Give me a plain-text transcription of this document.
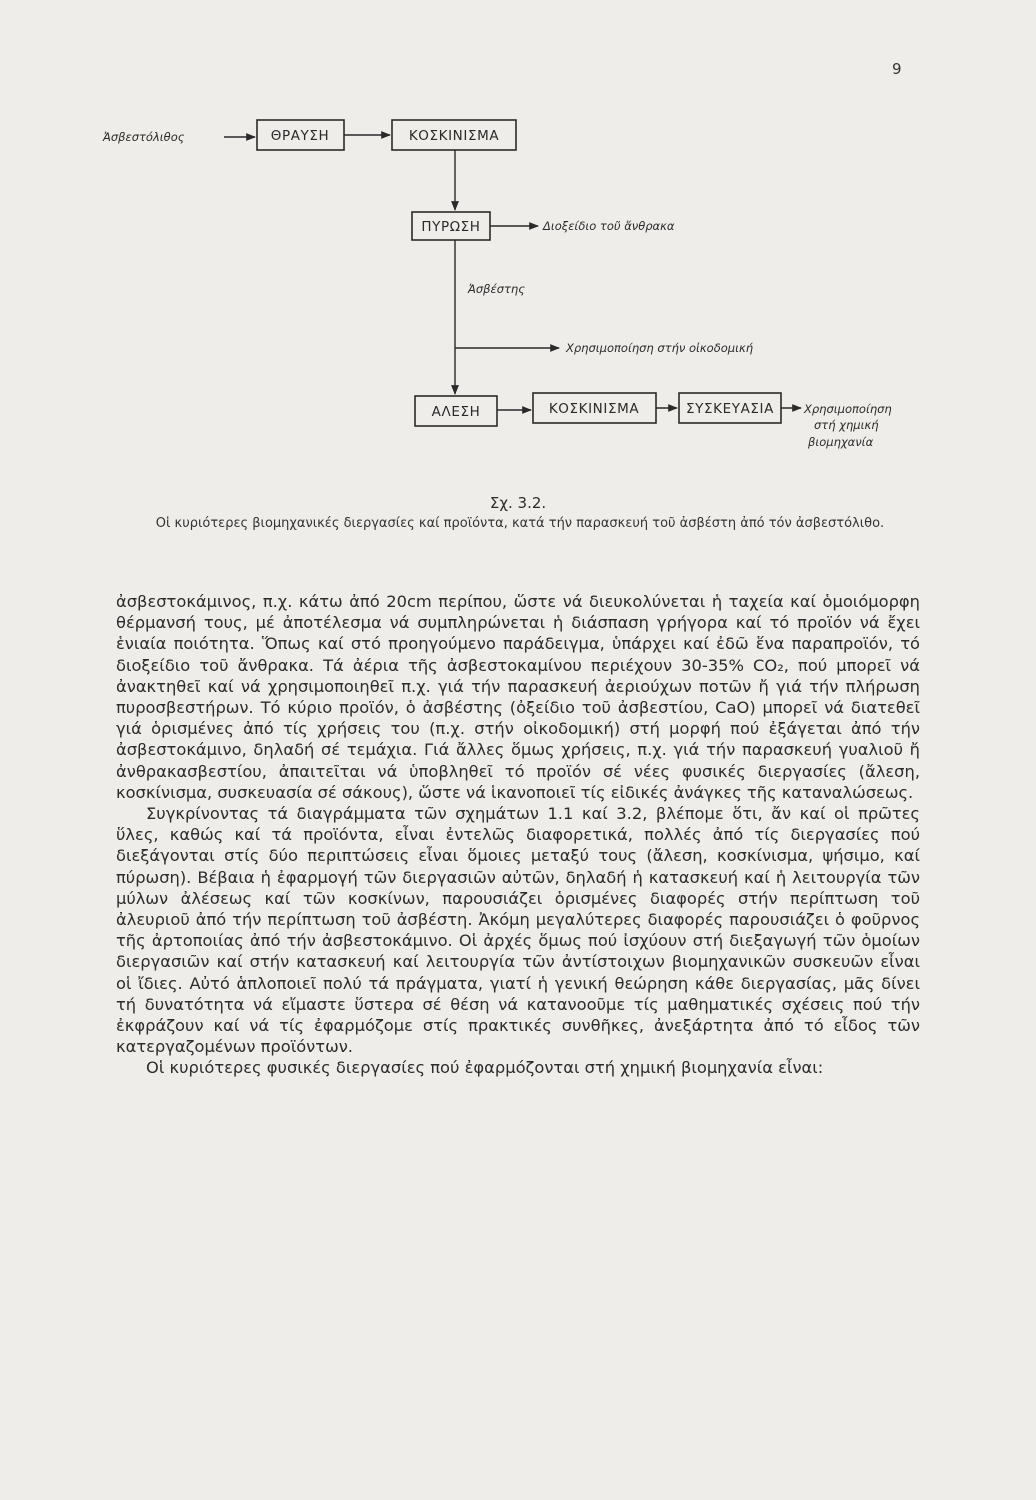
9
Ἀσβεστόλιθος	ΘΡΑΥΣΗ	ΚΟΣΚΙΝΙΣΜΑ
ΠΥΡΩΣΗ	Διοξείδιο τοῦ ἄνθρακα
Ἀσβέστης
Χρησιμοποίηση στήν οἰκοδομική
ΑΛΕΣΗ	ΚΟΣΚΙΝΙΣΜΑ	ΣΥΣΚΕΥΑΣΙΑ	Χρησιμοποίηση
στή χημική
βιομηχανία
Σχ. 3.2.
Οἱ κυριότερες βιομηχανικές διεργασίες καί προϊόντα, κατά τήν παρασκευή τοῦ ἀσβέστη ἀπό τόν ἀσβεστόλιθο.

ἀσβεστοκάμινος, π.χ. κάτω ἀπό 20cm περίπου, ὥστε νά διευκολύνεται ἡ ταχεία καί ὁμοιόμορφη θέρμανσή τους, μέ ἀποτέλεσμα νά συμπληρώνεται ἡ διάσπαση γρήγορα καί τό προϊόν νά ἔχει ἑνιαία ποιότητα. Ὅπως καί στό προηγούμενο παράδειγμα, ὑπάρχει καί ἐδῶ ἕνα παραπροϊόν, τό διοξείδιο τοῦ ἄνθρακα. Τά ἀέρια τῆς ἀσβεστοκαμίνου περιέχουν 30-35% CO₂, πού μπορεῖ νά ἀνακτηθεῖ καί νά χρησιμοποιηθεῖ π.χ. γιά τήν παρασκευή ἀεριούχων ποτῶν ἤ γιά τήν πλήρωση πυροσβεστήρων. Τό κύριο προϊόν, ὁ ἀσβέστης (ὀξείδιο τοῦ ἀσβεστίου, CaO) μπορεῖ νά διατεθεῖ γιά ὁρισμένες ἀπό τίς χρήσεις του (π.χ. στήν οἰκοδομική) στή μορφή πού ἐξάγεται ἀπό τήν ἀσβεστοκάμινο, δηλαδή σέ τεμάχια. Γιά ἄλλες ὅμως χρήσεις, π.χ. γιά τήν παρασκευή γυαλιοῦ ἤ ἀνθρακασβεστίου, ἀπαιτεῖται νά ὑποβληθεῖ τό προϊόν σέ νέες φυσικές διεργασίες (ἄλεση, κοσκίνισμα, συσκευασία σέ σάκους), ὥστε νά ἱκανοποιεῖ τίς εἰδικές ἀνάγκες τῆς καταναλώσεως.

Συγκρίνοντας τά διαγράμματα τῶν σχημάτων 1.1 καί 3.2, βλέπομε ὅτι, ἄν καί οἱ πρῶτες ὕλες, καθώς καί τά προϊόντα, εἶναι ἐντελῶς διαφορετικά, πολλές ἀπό τίς διεργασίες πού διεξάγονται στίς δύο περιπτώσεις εἶναι ὅμοιες μεταξύ τους (ἄλεση, κοσκίνισμα, ψήσιμο, καί πύρωση). Βέβαια ἡ ἐφαρμογή τῶν διεργασιῶν αὐτῶν, δηλαδή ἡ κατασκευή καί ἡ λειτουργία τῶν μύλων ἀλέσεως καί τῶν κοσκίνων, παρουσιάζει ὁρισμένες διαφορές στήν περίπτωση τοῦ ἀλευριοῦ ἀπό τήν περίπτωση τοῦ ἀσβέστη. Ἀκόμη μεγαλύτερες διαφορές παρουσιάζει ὁ φοῦρνος τῆς ἀρτοποιίας ἀπό τήν ἀσβεστοκάμινο. Οἱ ἀρχές ὅμως πού ἰσχύουν στή διεξαγωγή τῶν ὁμοίων διεργασιῶν καί στήν κατασκευή καί λειτουργία τῶν ἀντίστοιχων βιομηχανικῶν συσκευῶν εἶναι οἱ ἴδιες. Αὐτό ἁπλοποιεῖ πολύ τά πράγματα, γιατί ἡ γενική θεώρηση κάθε διεργασίας, μᾶς δίνει τή δυνατότητα νά εἴμαστε ὕστερα σέ θέση νά κατανοοῦμε τίς μαθηματικές σχέσεις πού τήν ἐκφράζουν καί νά τίς ἐφαρμόζομε στίς πρακτικές συνθῆκες, ἀνεξάρτητα ἀπό τό εἶδος τῶν κατεργαζομένων προϊόντων.

Οἱ κυριότερες φυσικές διεργασίες πού ἐφαρμόζονται στή χημική βιομηχανία εἶναι:
